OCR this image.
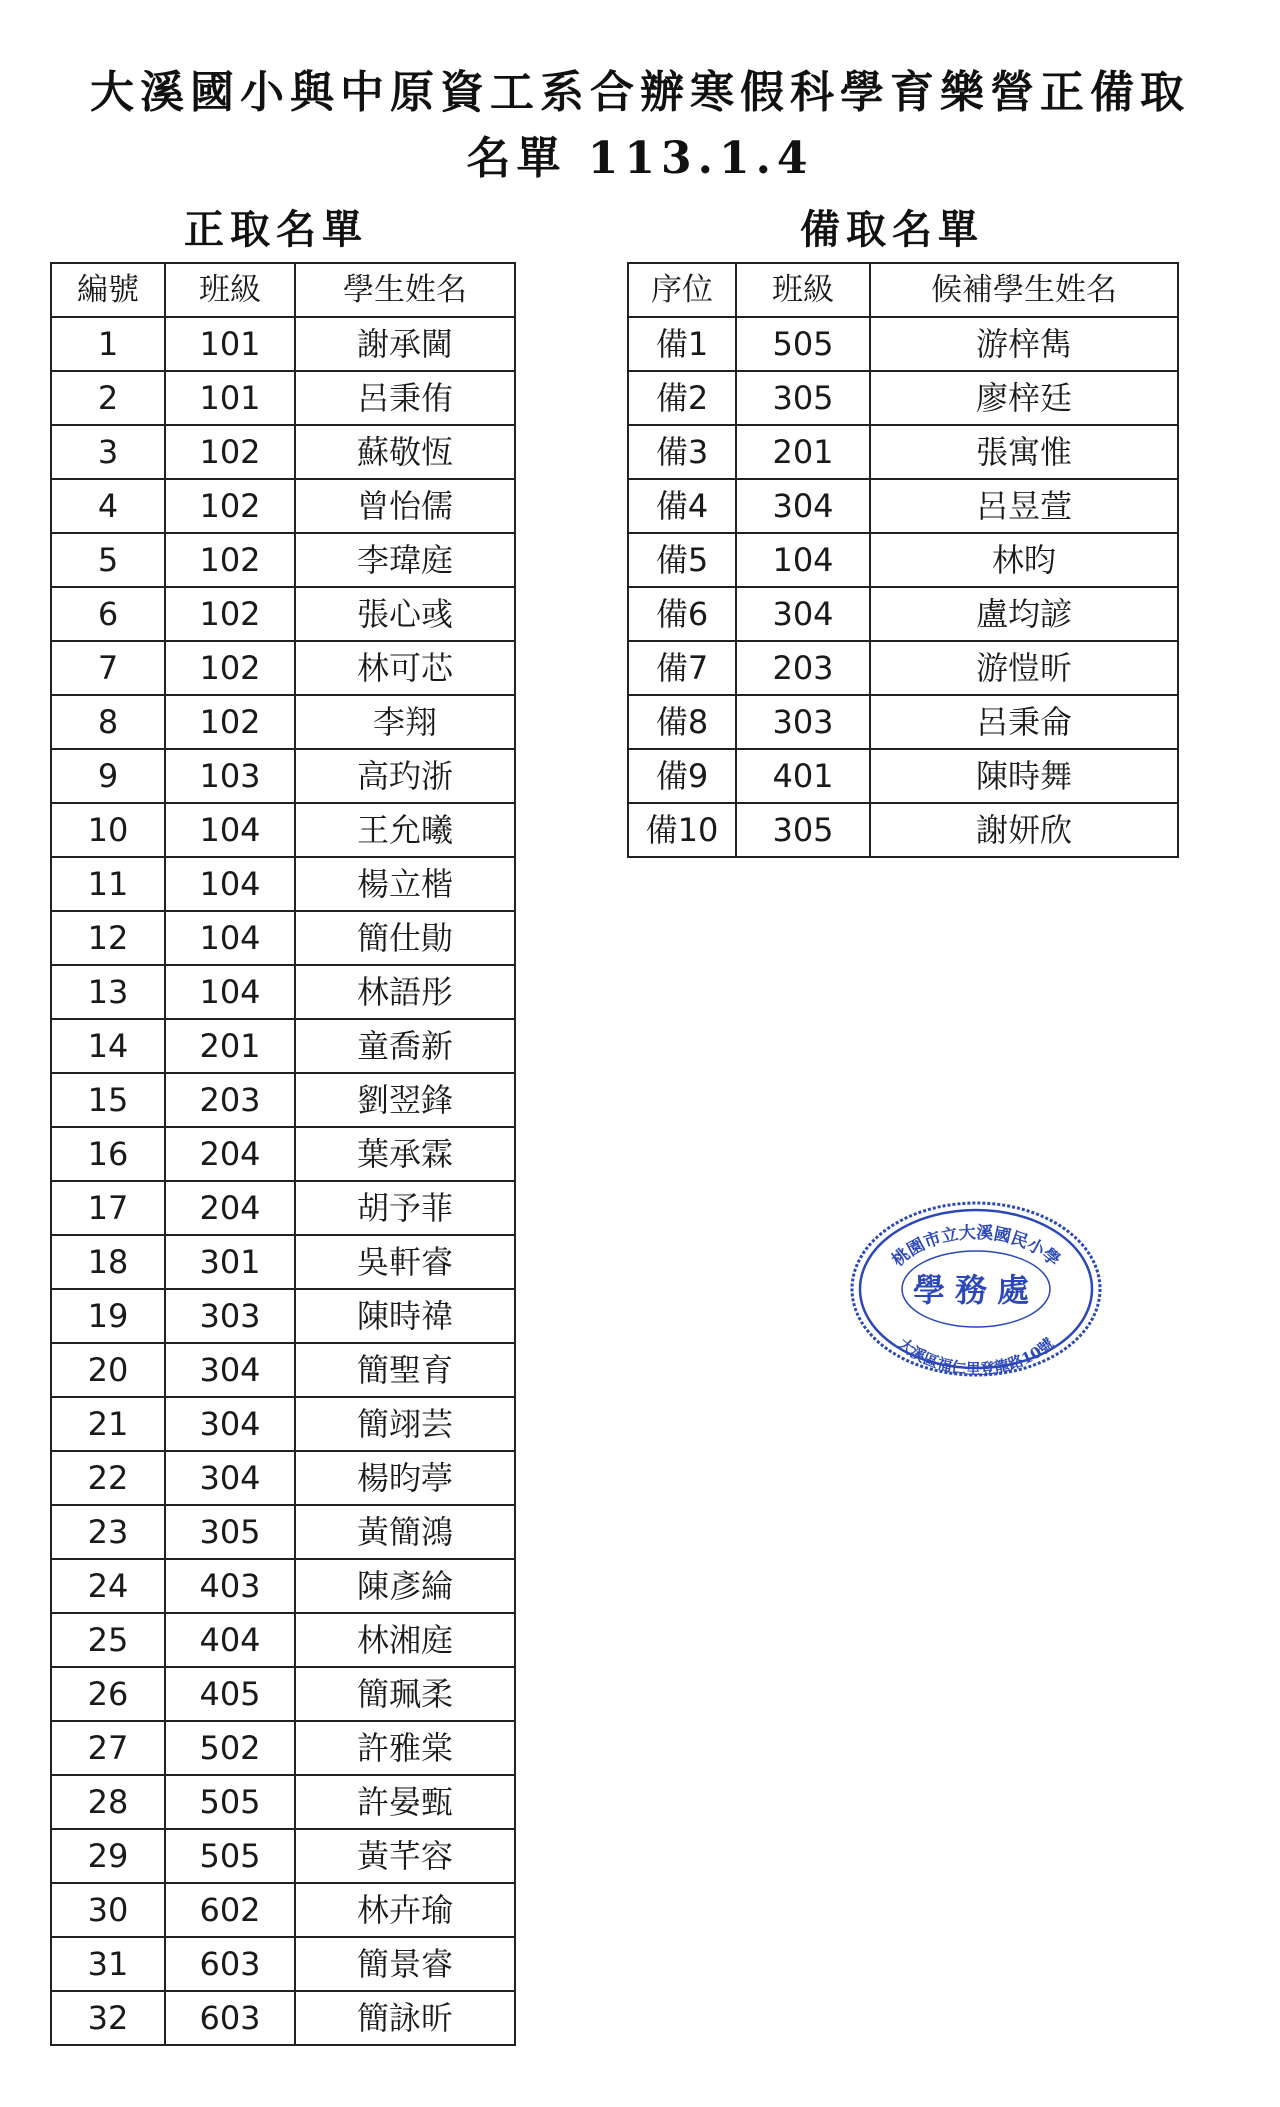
大溪國小與中原資工系合辦寒假科學育樂營正備取
名單 113.1.4
正取名單	備取名單
編號	班級	學生姓名
1	101	謝承閫
2	101	呂秉侑
3	102	蘇敬恆
4	102	曾怡儒
5	102	李瑋庭
6	102	張心彧
7	102	林可芯
8	102	李翔
9	103	高玓浙
10	104	王允曦
11	104	楊立楷
12	104	簡仕勛
13	104	林語彤
14	201	童喬新
15	203	劉翌鋒
16	204	葉承霖
17	204	胡予菲
18	301	吳軒睿
19	303	陳時禕
20	304	簡聖育
21	304	簡翊芸
22	304	楊昀葶
23	305	黃簡鴻
24	403	陳彥綸
25	404	林湘庭
26	405	簡珮柔
27	502	許雅棠
28	505	許晏甄
29	505	黃芊容
30	602	林卉瑜
31	603	簡景睿
32	603	簡詠昕
序位	班級	候補學生姓名
備1	505	游梓雋
備2	305	廖梓廷
備3	201	張寓惟
備4	304	呂昱萱
備5	104	林昀
備6	304	盧均諺
備7	203	游愷昕
備8	303	呂秉侖
備9	401	陳時舞
備10	305	謝妍欣
桃園市立大溪國民小學
學務處
大溪區福仁里登龍路10號
